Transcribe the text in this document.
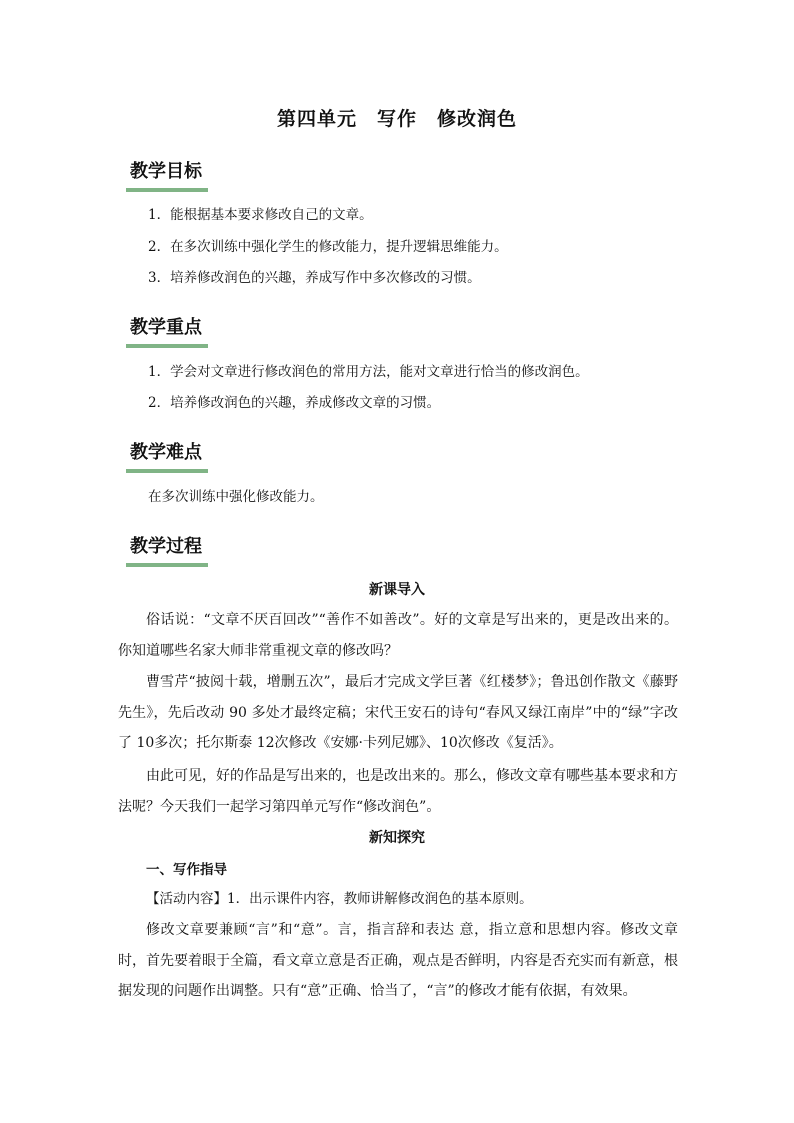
第四单元　写作　修改润色
教学目标
1．能根据基本要求修改自己的文章。
2．在多次训练中强化学生的修改能力，提升逻辑思维能力。
3．培养修改润色的兴趣，养成写作中多次修改的习惯。
教学重点
1．学会对文章进行修改润色的常用方法，能对文章进行恰当的修改润色。
2．培养修改润色的兴趣，养成修改文章的习惯。
教学难点
在多次训练中强化修改能力。
教学过程
新课导入
俗话说：“文章不厌百回改”“善作不如善改”。好的文章是写出来的，更是改出来的。你知道哪些名家大师非常重视文章的修改吗？
曹雪芹“披阅十载，增删五次”，最后才完成文学巨著《红楼梦》；鲁迅创作散文《藤野先生》，先后改动 90 多处才最终定稿；宋代王安石的诗句“春风又绿江南岸”中的“绿”字改了 10多次；托尔斯泰 12次修改《安娜·卡列尼娜》、10次修改《复活》。
由此可见，好的作品是写出来的，也是改出来的。那么，修改文章有哪些基本要求和方法呢？今天我们一起学习第四单元写作“修改润色”。
新知探究
一、写作指导
【活动内容】1．出示课件内容，教师讲解修改润色的基本原则。
修改文章要兼顾“言”和“意”。言，指言辞和表达 意，指立意和思想内容。修改文章时，首先要着眼于全篇，看文章立意是否正确，观点是否鲜明，内容是否充实而有新意，根据发现的问题作出调整。只有“意”正确、恰当了，“言”的修改才能有依据，有效果。
